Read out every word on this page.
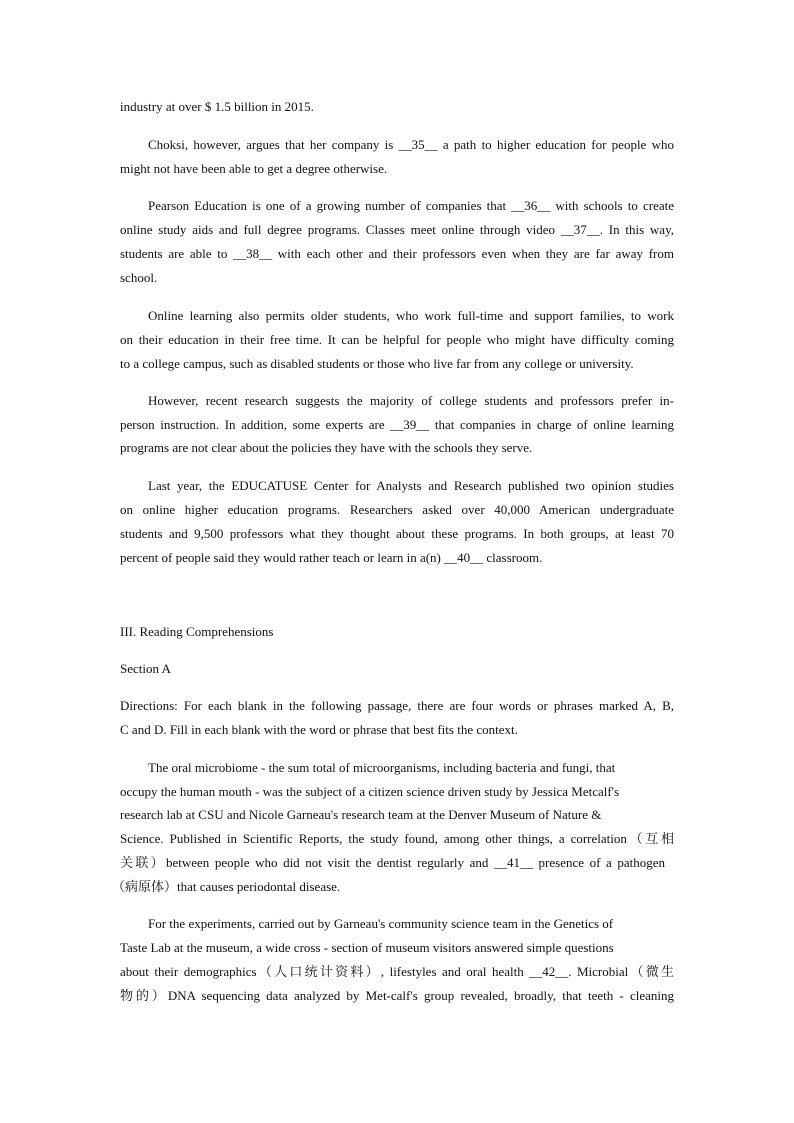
industry at over $ 1.5 billion in 2015.
Choksi, however, argues that her company is __35__ a path to higher education for people who
might not have been able to get a degree otherwise.
Pearson Education is one of a growing number of companies that __36__ with schools to create
online study aids and full degree programs. Classes meet online through video __37__. In this way,
students are able to __38__ with each other and their professors even when they are far away from
school.
Online learning also permits older students, who work full-time and support families, to work
on their education in their free time. It can be helpful for people who might have difficulty coming
to a college campus, such as disabled students or those who live far from any college or university.
However, recent research suggests the majority of college students and professors prefer in-
person instruction. In addition, some experts are __39__ that companies in charge of online learning
programs are not clear about the policies they have with the schools they serve.
Last year, the EDUCATUSE Center for Analysts and Research published two opinion studies
on online higher education programs. Researchers asked over 40,000 American undergraduate
students and 9,500 professors what they thought about these programs. In both groups, at least 70
percent of people said they would rather teach or learn in a(n) __40__ classroom.
III. Reading Comprehensions
Section A
Directions: For each blank in the following passage, there are four words or phrases marked A, B,
C and D. Fill in each blank with the word or phrase that best fits the context.
The oral microbiome - the sum total of microorganisms, including bacteria and fungi, that
occupy the human mouth - was the subject of a citizen science driven study by Jessica Metcalf's
research lab at CSU and Nicole Garneau's research team at the Denver Museum of Nature &
Science. Published in Scientific Reports, the study found, among other things, a correlation（互相
关联）between people who did not visit the dentist regularly and __41__ presence of a pathogen
（病原体）that causes periodontal disease.
For the experiments, carried out by Garneau's community science team in the Genetics of
Taste Lab at the museum, a wide cross - section of museum visitors answered simple questions
about their demographics（人口统计资料）, lifestyles and oral health __42__. Microbial（微生
物的）DNA sequencing data analyzed by Met-calf's group revealed, broadly, that teeth - cleaning
